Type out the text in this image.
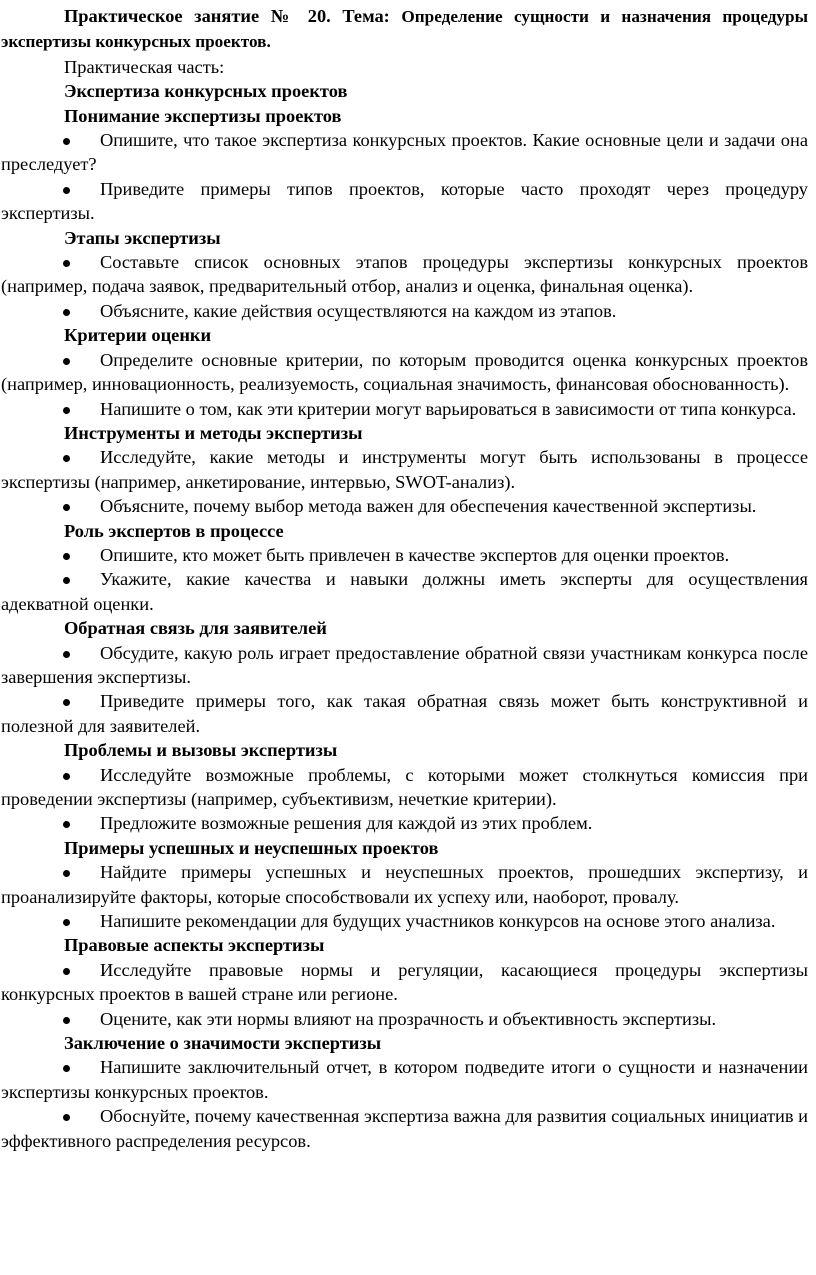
Практическое занятие № 20. Тема: Определение сущности и назначения процедуры экспертизы конкурсных проектов.

Практическая часть:

Экспертиза конкурсных проектов

Понимание экспертизы проектов

Опишите, что такое экспертиза конкурсных проектов. Какие основные цели и задачи она преследует?

Приведите примеры типов проектов, которые часто проходят через процедуру экспертизы.

Этапы экспертизы

Составьте список основных этапов процедуры экспертизы конкурсных проектов (например, подача заявок, предварительный отбор, анализ и оценка, финальная оценка).

Объясните, какие действия осуществляются на каждом из этапов.

Критерии оценки

Определите основные критерии, по которым проводится оценка конкурсных проектов (например, инновационность, реализуемость, социальная значимость, финансовая обоснованность).

Напишите о том, как эти критерии могут варьироваться в зависимости от типа конкурса.

Инструменты и методы экспертизы

Исследуйте, какие методы и инструменты могут быть использованы в процессе экспертизы (например, анкетирование, интервью, SWOT-анализ).

Объясните, почему выбор метода важен для обеспечения качественной экспертизы.

Роль экспертов в процессе

Опишите, кто может быть привлечен в качестве экспертов для оценки проектов.

Укажите, какие качества и навыки должны иметь эксперты для осуществления адекватной оценки.

Обратная связь для заявителей

Обсудите, какую роль играет предоставление обратной связи участникам конкурса после завершения экспертизы.

Приведите примеры того, как такая обратная связь может быть конструктивной и полезной для заявителей.

Проблемы и вызовы экспертизы

Исследуйте возможные проблемы, с которыми может столкнуться комиссия при проведении экспертизы (например, субъективизм, нечеткие критерии).

Предложите возможные решения для каждой из этих проблем.

Примеры успешных и неуспешных проектов

Найдите примеры успешных и неуспешных проектов, прошедших экспертизу, и проанализируйте факторы, которые способствовали их успеху или, наоборот, провалу.

Напишите рекомендации для будущих участников конкурсов на основе этого анализа.

Правовые аспекты экспертизы

Исследуйте правовые нормы и регуляции, касающиеся процедуры экспертизы конкурсных проектов в вашей стране или регионе.

Оцените, как эти нормы влияют на прозрачность и объективность экспертизы.

Заключение о значимости экспертизы

Напишите заключительный отчет, в котором подведите итоги о сущности и назначении экспертизы конкурсных проектов.

Обоснуйте, почему качественная экспертиза важна для развития социальных инициатив и эффективного распределения ресурсов.
